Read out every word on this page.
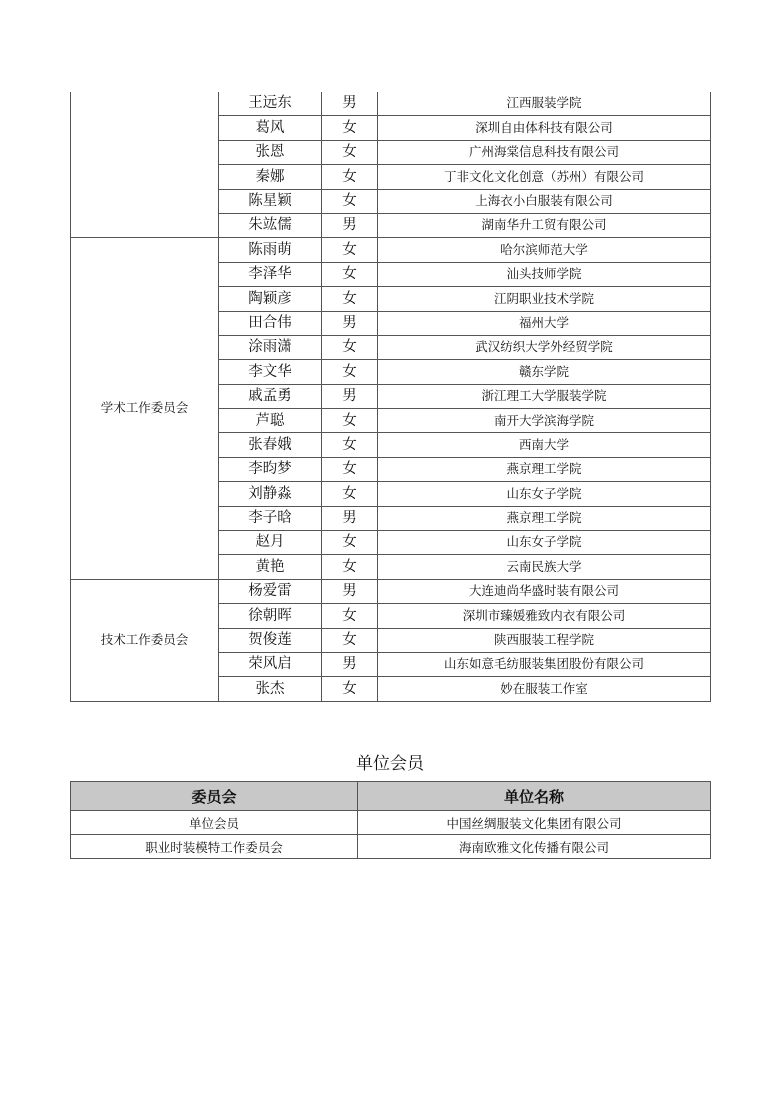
	王远东	男	江西服装学院
	葛风	女	深圳自由体科技有限公司
	张恩	女	广州海棠信息科技有限公司
	秦娜	女	丁非文化文化创意（苏州）有限公司
	陈星颖	女	上海衣小白服装有限公司
	朱竑儒	男	湖南华升工贸有限公司
学术工作委员会	陈雨萌	女	哈尔滨师范大学
	李泽华	女	汕头技师学院
	陶颖彦	女	江阴职业技术学院
	田合伟	男	福州大学
	涂雨潇	女	武汉纺织大学外经贸学院
	李文华	女	赣东学院
	戚孟勇	男	浙江理工大学服装学院
	芦聪	女	南开大学滨海学院
	张春娥	女	西南大学
	李昀梦	女	燕京理工学院
	刘静淼	女	山东女子学院
	李子晗	男	燕京理工学院
	赵月	女	山东女子学院
	黄艳	女	云南民族大学
技术工作委员会	杨爱雷	男	大连迪尚华盛时装有限公司
	徐朝晖	女	深圳市臻媛雅致内衣有限公司
	贺俊莲	女	陕西服装工程学院
	荣风启	男	山东如意毛纺服装集团股份有限公司
	张杰	女	妙在服装工作室
单位会员
委员会	单位名称
单位会员	中国丝绸服装文化集团有限公司
职业时装模特工作委员会	海南欧雅文化传播有限公司
